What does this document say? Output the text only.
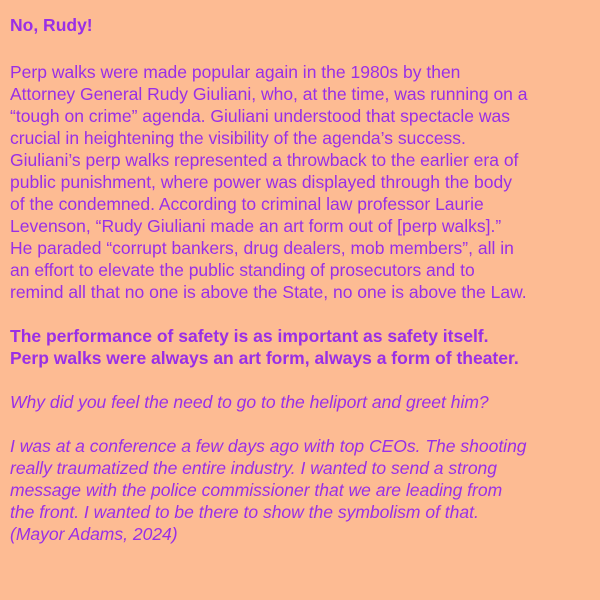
No, Rudy!

Perp walks were made popular again in the 1980s by then
Attorney General Rudy Giuliani, who, at the time, was running on a
“tough on crime” agenda. Giuliani understood that spectacle was
crucial in heightening the visibility of the agenda’s success.
Giuliani’s perp walks represented a throwback to the earlier era of
public punishment, where power was displayed through the body
of the condemned. According to criminal law professor Laurie
Levenson, “Rudy Giuliani made an art form out of [perp walks].”
He paraded “corrupt bankers, drug dealers, mob members”, all in
an effort to elevate the public standing of prosecutors and to
remind all that no one is above the State, no one is above the Law.

The performance of safety is as important as safety itself.
Perp walks were always an art form, always a form of theater.

Why did you feel the need to go to the heliport and greet him?

I was at a conference a few days ago with top CEOs. The shooting
really traumatized the entire industry. I wanted to send a strong
message with the police commissioner that we are leading from
the front. I wanted to be there to show the symbolism of that.
(Mayor Adams, 2024)
